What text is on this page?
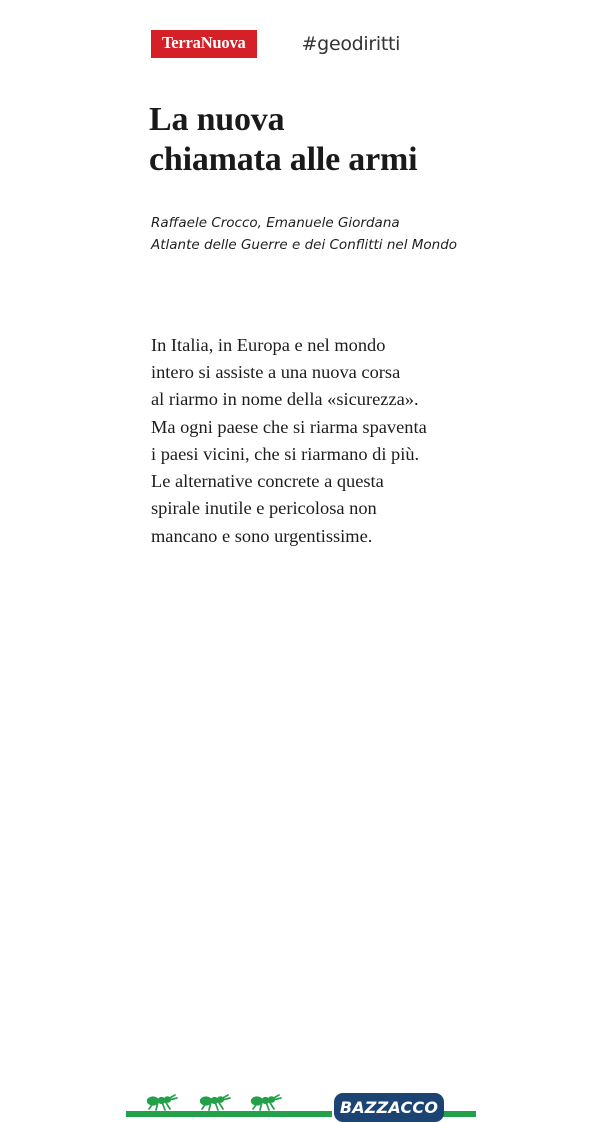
TerraNuova	#geodiritti
La nuova
chiamata alle armi
Raffaele Crocco, Emanuele Giordana
Atlante delle Guerre e dei Conflitti nel Mondo
In Italia, in Europa e nel mondo
intero si assiste a una nuova corsa
al riarmo in nome della «sicurezza».
Ma ogni paese che si riarma spaventa
i paesi vicini, che si riarmano di più.
Le alternative concrete a questa
spirale inutile e pericolosa non
mancano e sono urgentissime.
BAZZACCO
